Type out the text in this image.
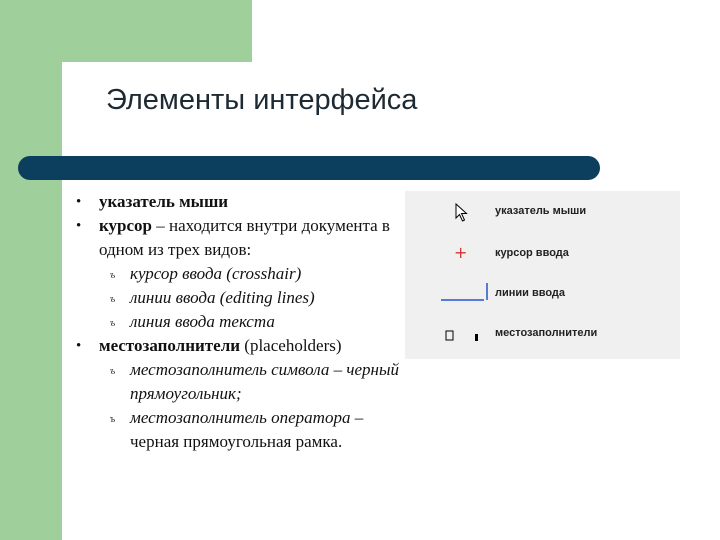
Элементы интерфейса
• указатель мыши
• курсор – находится внутри документа в одном из трех видов:
ъ курсор ввода (crosshair)
ъ линии ввода (editing lines)
ъ линия ввода текста
• местозаполнители (placeholders)
ъ местозаполнитель символа – черный прямоугольник;
ъ местозаполнитель оператора – черная прямоугольная рамка.
указатель мыши
+	курсор ввода
линии ввода
местозаполнители
